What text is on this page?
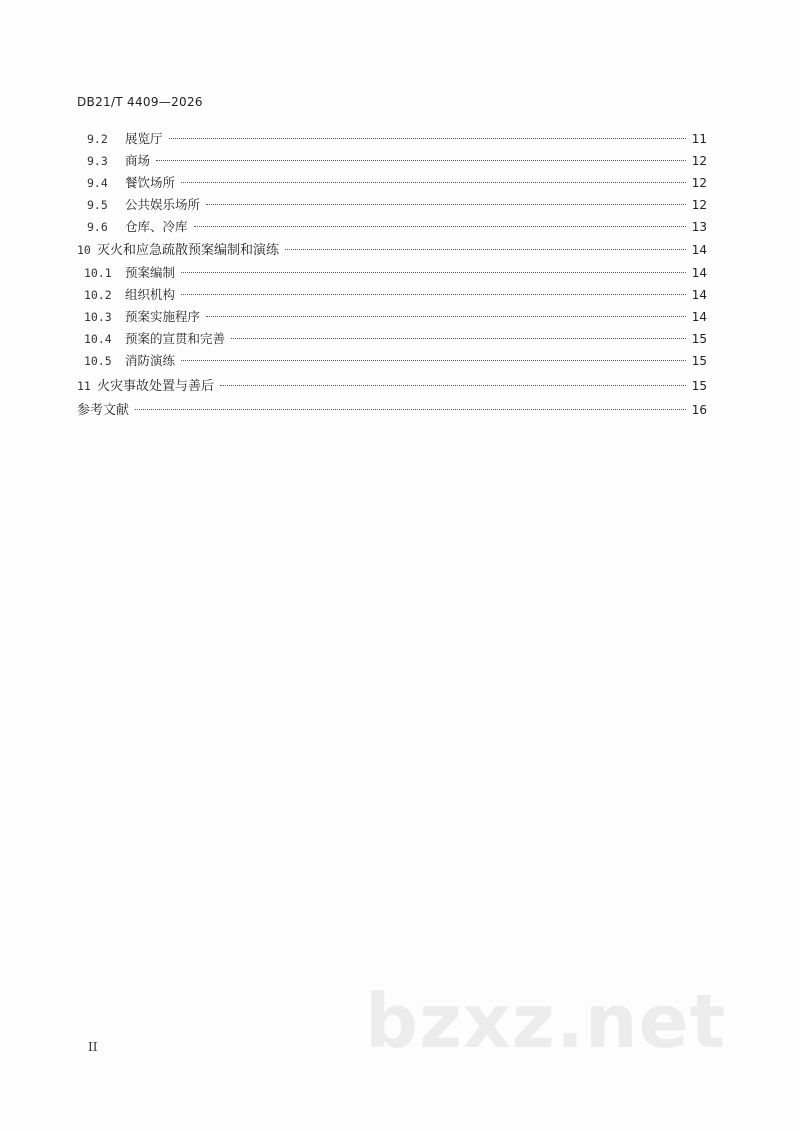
DB21/T 4409—2026
9.2	展览厅	11
9.3	商场	12
9.4	餐饮场所	12
9.5	公共娱乐场所	12
9.6	仓库、冷库	13
10 灭火和应急疏散预案编制和演练	14
10.1	预案编制	14
10.2	组织机构	14
10.3	预案实施程序	14
10.4	预案的宣贯和完善	15
10.5	消防演练	15
11 火灾事故处置与善后	15
参考文献	16
bzxz.net
II
